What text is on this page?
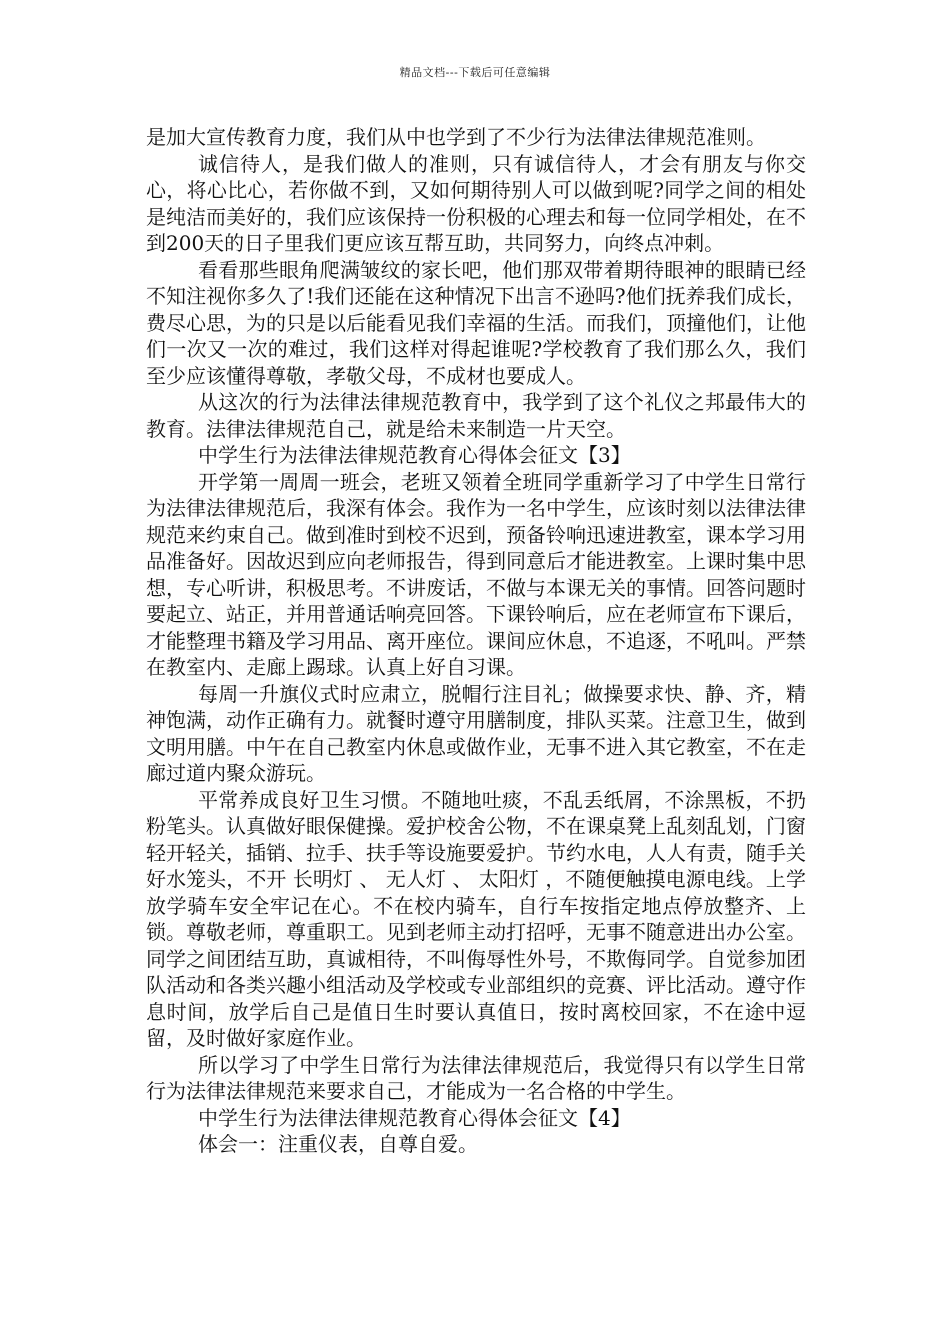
精品文档---下载后可任意编辑

是加大宣传教育力度，我们从中也学到了不少行为法律法律规范准则。

诚信待人，是我们做人的准则，只有诚信待人，才会有朋友与你交心，将心比心，若你做不到，又如何期待别人可以做到呢?同学之间的相处是纯洁而美好的，我们应该保持一份积极的心理去和每一位同学相处，在不到200天的日子里我们更应该互帮互助，共同努力，向终点冲刺。

看看那些眼角爬满皱纹的家长吧，他们那双带着期待眼神的眼睛已经不知注视你多久了!我们还能在这种情况下出言不逊吗?他们抚养我们成长，费尽心思，为的只是以后能看见我们幸福的生活。而我们，顶撞他们，让他们一次又一次的难过，我们这样对得起谁呢?学校教育了我们那么久，我们至少应该懂得尊敬，孝敬父母，不成材也要成人。

从这次的行为法律法律规范教育中，我学到了这个礼仪之邦最伟大的教育。法律法律规范自己，就是给未来制造一片天空。

中学生行为法律法律规范教育心得体会征文【3】

开学第一周周一班会，老班又领着全班同学重新学习了中学生日常行为法律法律规范后，我深有体会。我作为一名中学生，应该时刻以法律法律规范来约束自己。做到准时到校不迟到，预备铃响迅速进教室，课本学习用品准备好。因故迟到应向老师报告，得到同意后才能进教室。上课时集中思想，专心听讲，积极思考。不讲废话，不做与本课无关的事情。回答问题时要起立、站正，并用普通话响亮回答。下课铃响后，应在老师宣布下课后，才能整理书籍及学习用品、离开座位。课间应休息，不追逐，不吼叫。严禁在教室内、走廊上踢球。认真上好自习课。

每周一升旗仪式时应肃立，脱帽行注目礼；做操要求快、静、齐，精神饱满，动作正确有力。就餐时遵守用膳制度，排队买菜。注意卫生，做到文明用膳。中午在自己教室内休息或做作业，无事不进入其它教室，不在走廊过道内聚众游玩。

平常养成良好卫生习惯。不随地吐痰，不乱丢纸屑，不涂黑板，不扔粉笔头。认真做好眼保健操。爱护校舍公物，不在课桌凳上乱刻乱划，门窗轻开轻关，插销、拉手、扶手等设施要爱护。节约水电，人人有责，随手关好水笼头，不开 长明灯 、 无人灯 、 太阳灯 ，不随便触摸电源电线。上学放学骑车安全牢记在心。不在校内骑车，自行车按指定地点停放整齐、上锁。尊敬老师，尊重职工。见到老师主动打招呼，无事不随意进出办公室。同学之间团结互助，真诚相待，不叫侮辱性外号，不欺侮同学。自觉参加团队活动和各类兴趣小组活动及学校或专业部组织的竞赛、评比活动。遵守作息时间，放学后自己是值日生时要认真值日，按时离校回家，不在途中逗留，及时做好家庭作业。

所以学习了中学生日常行为法律法律规范后，我觉得只有以学生日常行为法律法律规范来要求自己，才能成为一名合格的中学生。

中学生行为法律法律规范教育心得体会征文【4】

体会一：注重仪表，自尊自爱。
